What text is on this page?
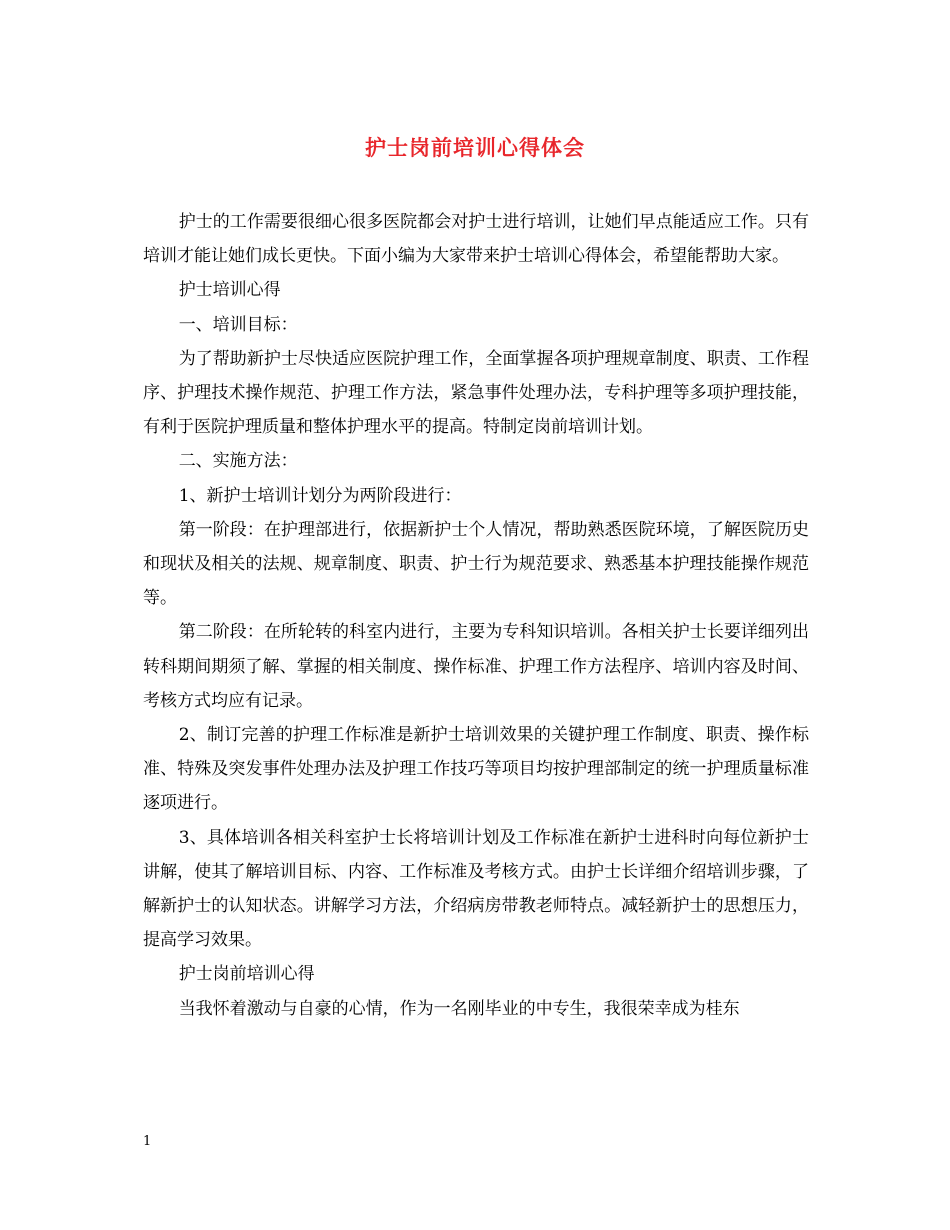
护士岗前培训心得体会

护士的工作需要很细心很多医院都会对护士进行培训，让她们早点能适应工作。只有培训才能让她们成长更快。下面小编为大家带来护士培训心得体会，希望能帮助大家。

护士培训心得

一、培训目标：

为了帮助新护士尽快适应医院护理工作，全面掌握各项护理规章制度、职责、工作程序、护理技术操作规范、护理工作方法，紧急事件处理办法，专科护理等多项护理技能，有利于医院护理质量和整体护理水平的提高。特制定岗前培训计划。

二、实施方法：

1、新护士培训计划分为两阶段进行：

第一阶段：在护理部进行，依据新护士个人情况，帮助熟悉医院环境，了解医院历史和现状及相关的法规、规章制度、职责、护士行为规范要求、熟悉基本护理技能操作规范等。

第二阶段：在所轮转的科室内进行，主要为专科知识培训。各相关护士长要详细列出转科期间期须了解、掌握的相关制度、操作标准、护理工作方法程序、培训内容及时间、考核方式均应有记录。

2、制订完善的护理工作标准是新护士培训效果的关键护理工作制度、职责、操作标准、特殊及突发事件处理办法及护理工作技巧等项目均按护理部制定的统一护理质量标准逐项进行。

3、具体培训各相关科室护士长将培训计划及工作标准在新护士进科时向每位新护士讲解，使其了解培训目标、内容、工作标准及考核方式。由护士长详细介绍培训步骤，了解新护士的认知状态。讲解学习方法，介绍病房带教老师特点。减轻新护士的思想压力，提高学习效果。

护士岗前培训心得

当我怀着激动与自豪的心情，作为一名刚毕业的中专生，我很荣幸成为桂东

1
